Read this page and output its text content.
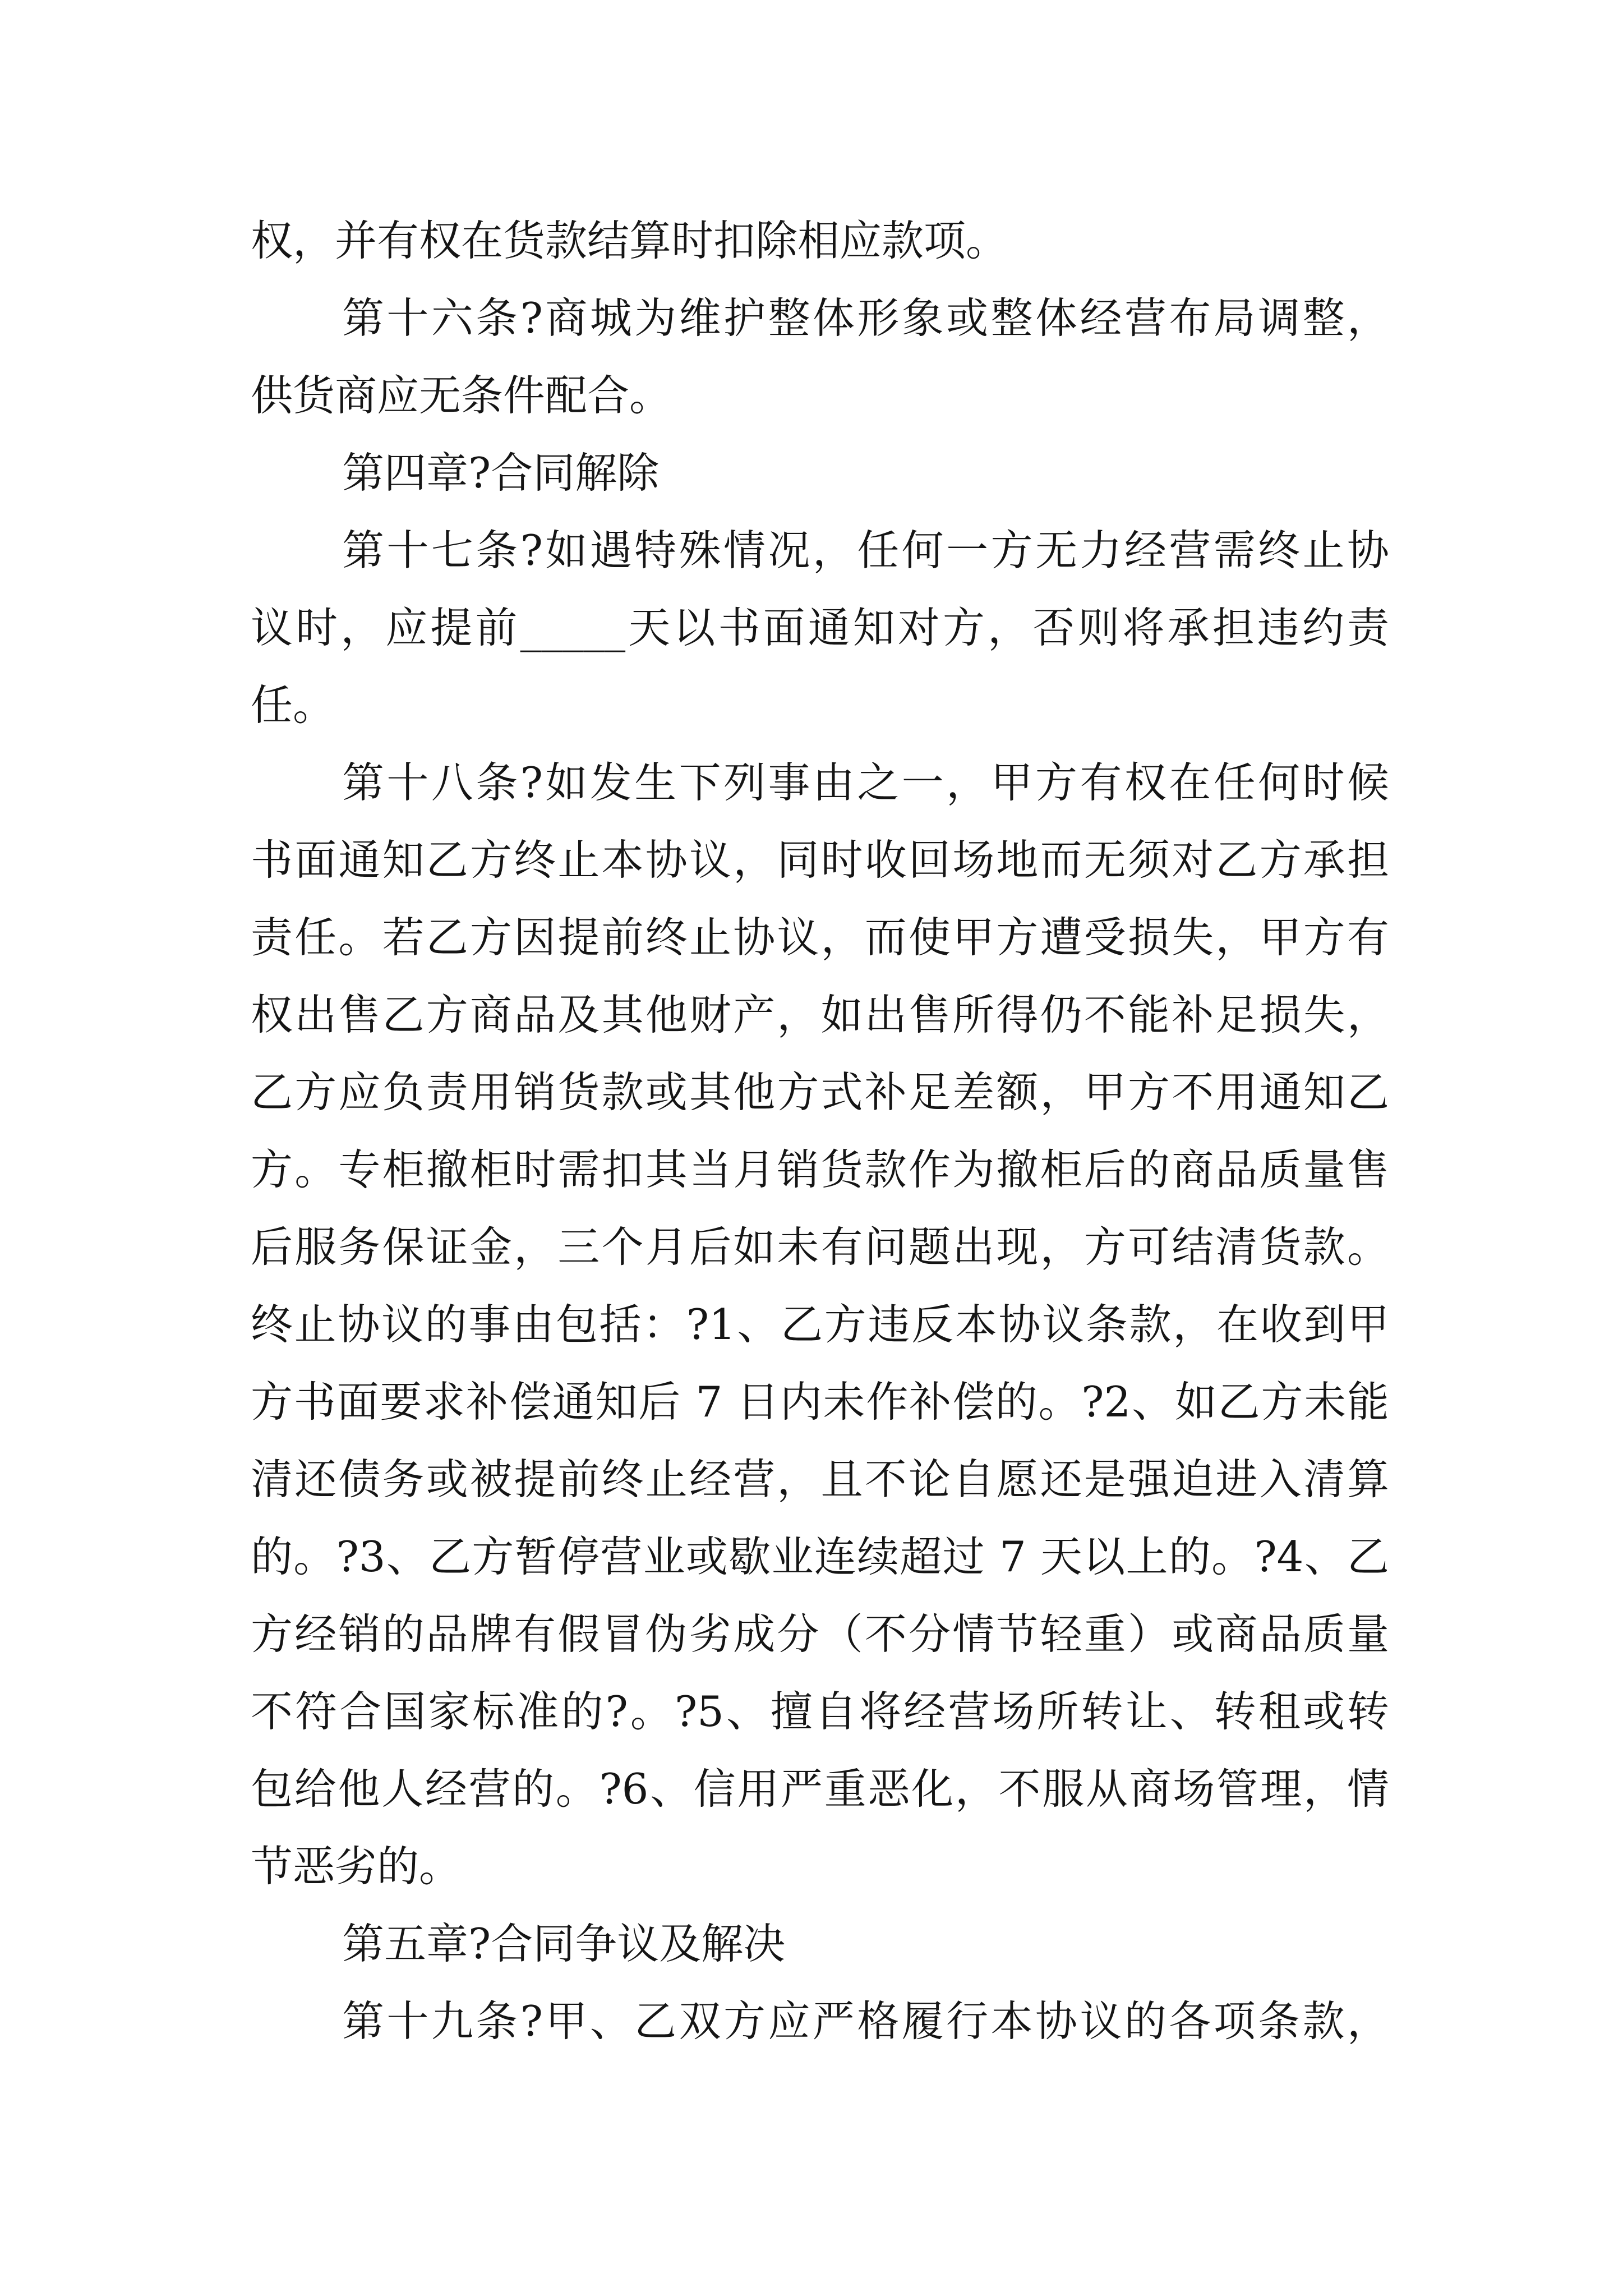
权，并有权在货款结算时扣除相应款项。
第十六条?商城为维护整体形象或整体经营布局调整，
供货商应无条件配合。
第四章?合同解除
第十七条?如遇特殊情况，任何一方无力经营需终止协
议时，应提前_____天以书面通知对方，否则将承担违约责
任。
第十八条?如发生下列事由之一，甲方有权在任何时候
书面通知乙方终止本协议，同时收回场地而无须对乙方承担
责任。若乙方因提前终止协议，而使甲方遭受损失，甲方有
权出售乙方商品及其他财产，如出售所得仍不能补足损失，
乙方应负责用销货款或其他方式补足差额，甲方不用通知乙
方。专柜撤柜时需扣其当月销货款作为撤柜后的商品质量售
后服务保证金，三个月后如未有问题出现，方可结清货款。
终止协议的事由包括：?1、乙方违反本协议条款，在收到甲
方书面要求补偿通知后 7 日内未作补偿的。?2、如乙方未能
清还债务或被提前终止经营，且不论自愿还是强迫进入清算
的。?3、乙方暂停营业或歇业连续超过 7 天以上的。?4、乙
方经销的品牌有假冒伪劣成分（不分情节轻重）或商品质量
不符合国家标准的?。?5、擅自将经营场所转让、转租或转
包给他人经营的。?6、信用严重恶化，不服从商场管理，情
节恶劣的。
第五章?合同争议及解决
第十九条?甲、乙双方应严格履行本协议的各项条款，
